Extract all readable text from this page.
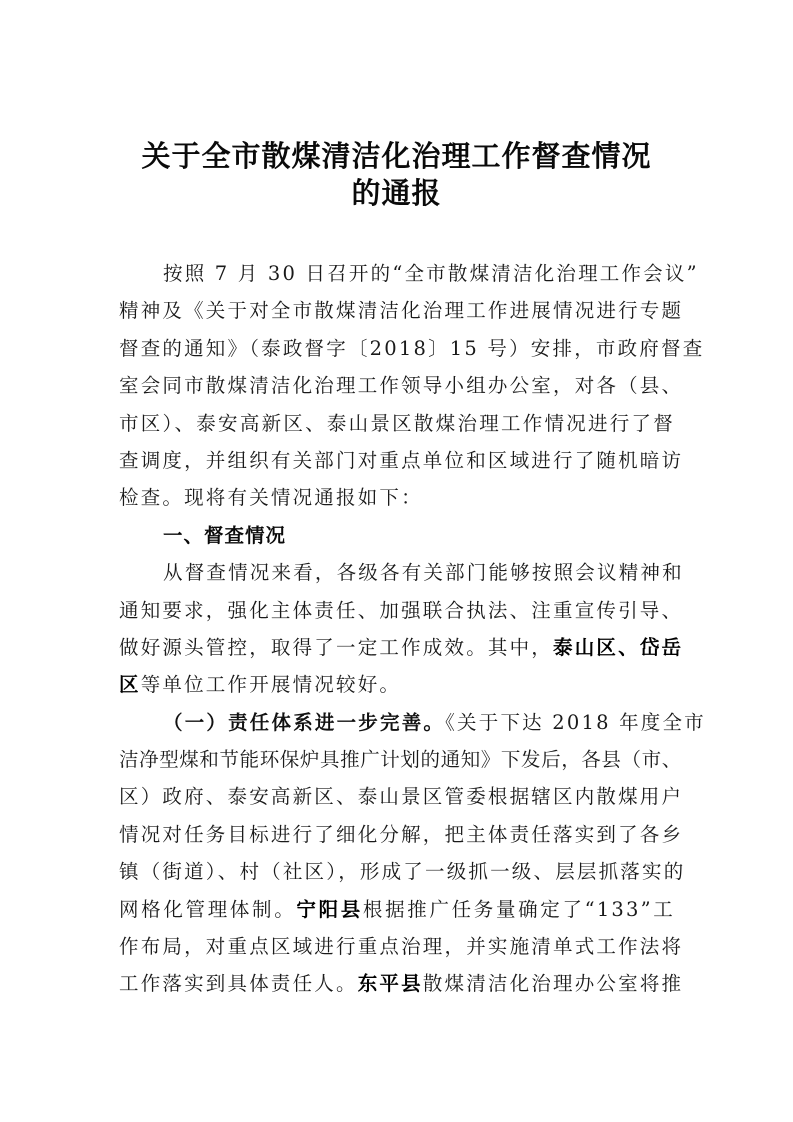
关于全市散煤清洁化治理工作督查情况
的通报
按照 7 月 30 日召开的“全市散煤清洁化治理工作会议”
精神及《关于对全市散煤清洁化治理工作进展情况进行专题
督查的通知》（泰政督字〔2018〕15 号）安排，市政府督查
室会同市散煤清洁化治理工作领导小组办公室，对各（县、
市区）、泰安高新区、泰山景区散煤治理工作情况进行了督
查调度，并组织有关部门对重点单位和区域进行了随机暗访
检查。现将有关情况通报如下：
一、督查情况
从督查情况来看，各级各有关部门能够按照会议精神和
通知要求，强化主体责任、加强联合执法、注重宣传引导、
做好源头管控，取得了一定工作成效。其中，泰山区、岱岳
区等单位工作开展情况较好。
（一）责任体系进一步完善。《关于下达 2018 年度全市
洁净型煤和节能环保炉具推广计划的通知》下发后，各县（市、
区）政府、泰安高新区、泰山景区管委根据辖区内散煤用户
情况对任务目标进行了细化分解，把主体责任落实到了各乡
镇（街道）、村（社区），形成了一级抓一级、层层抓落实的
网格化管理体制。宁阳县根据推广任务量确定了“133”工
作布局，对重点区域进行重点治理，并实施清单式工作法将
工作落实到具体责任人。东平县散煤清洁化治理办公室将推
